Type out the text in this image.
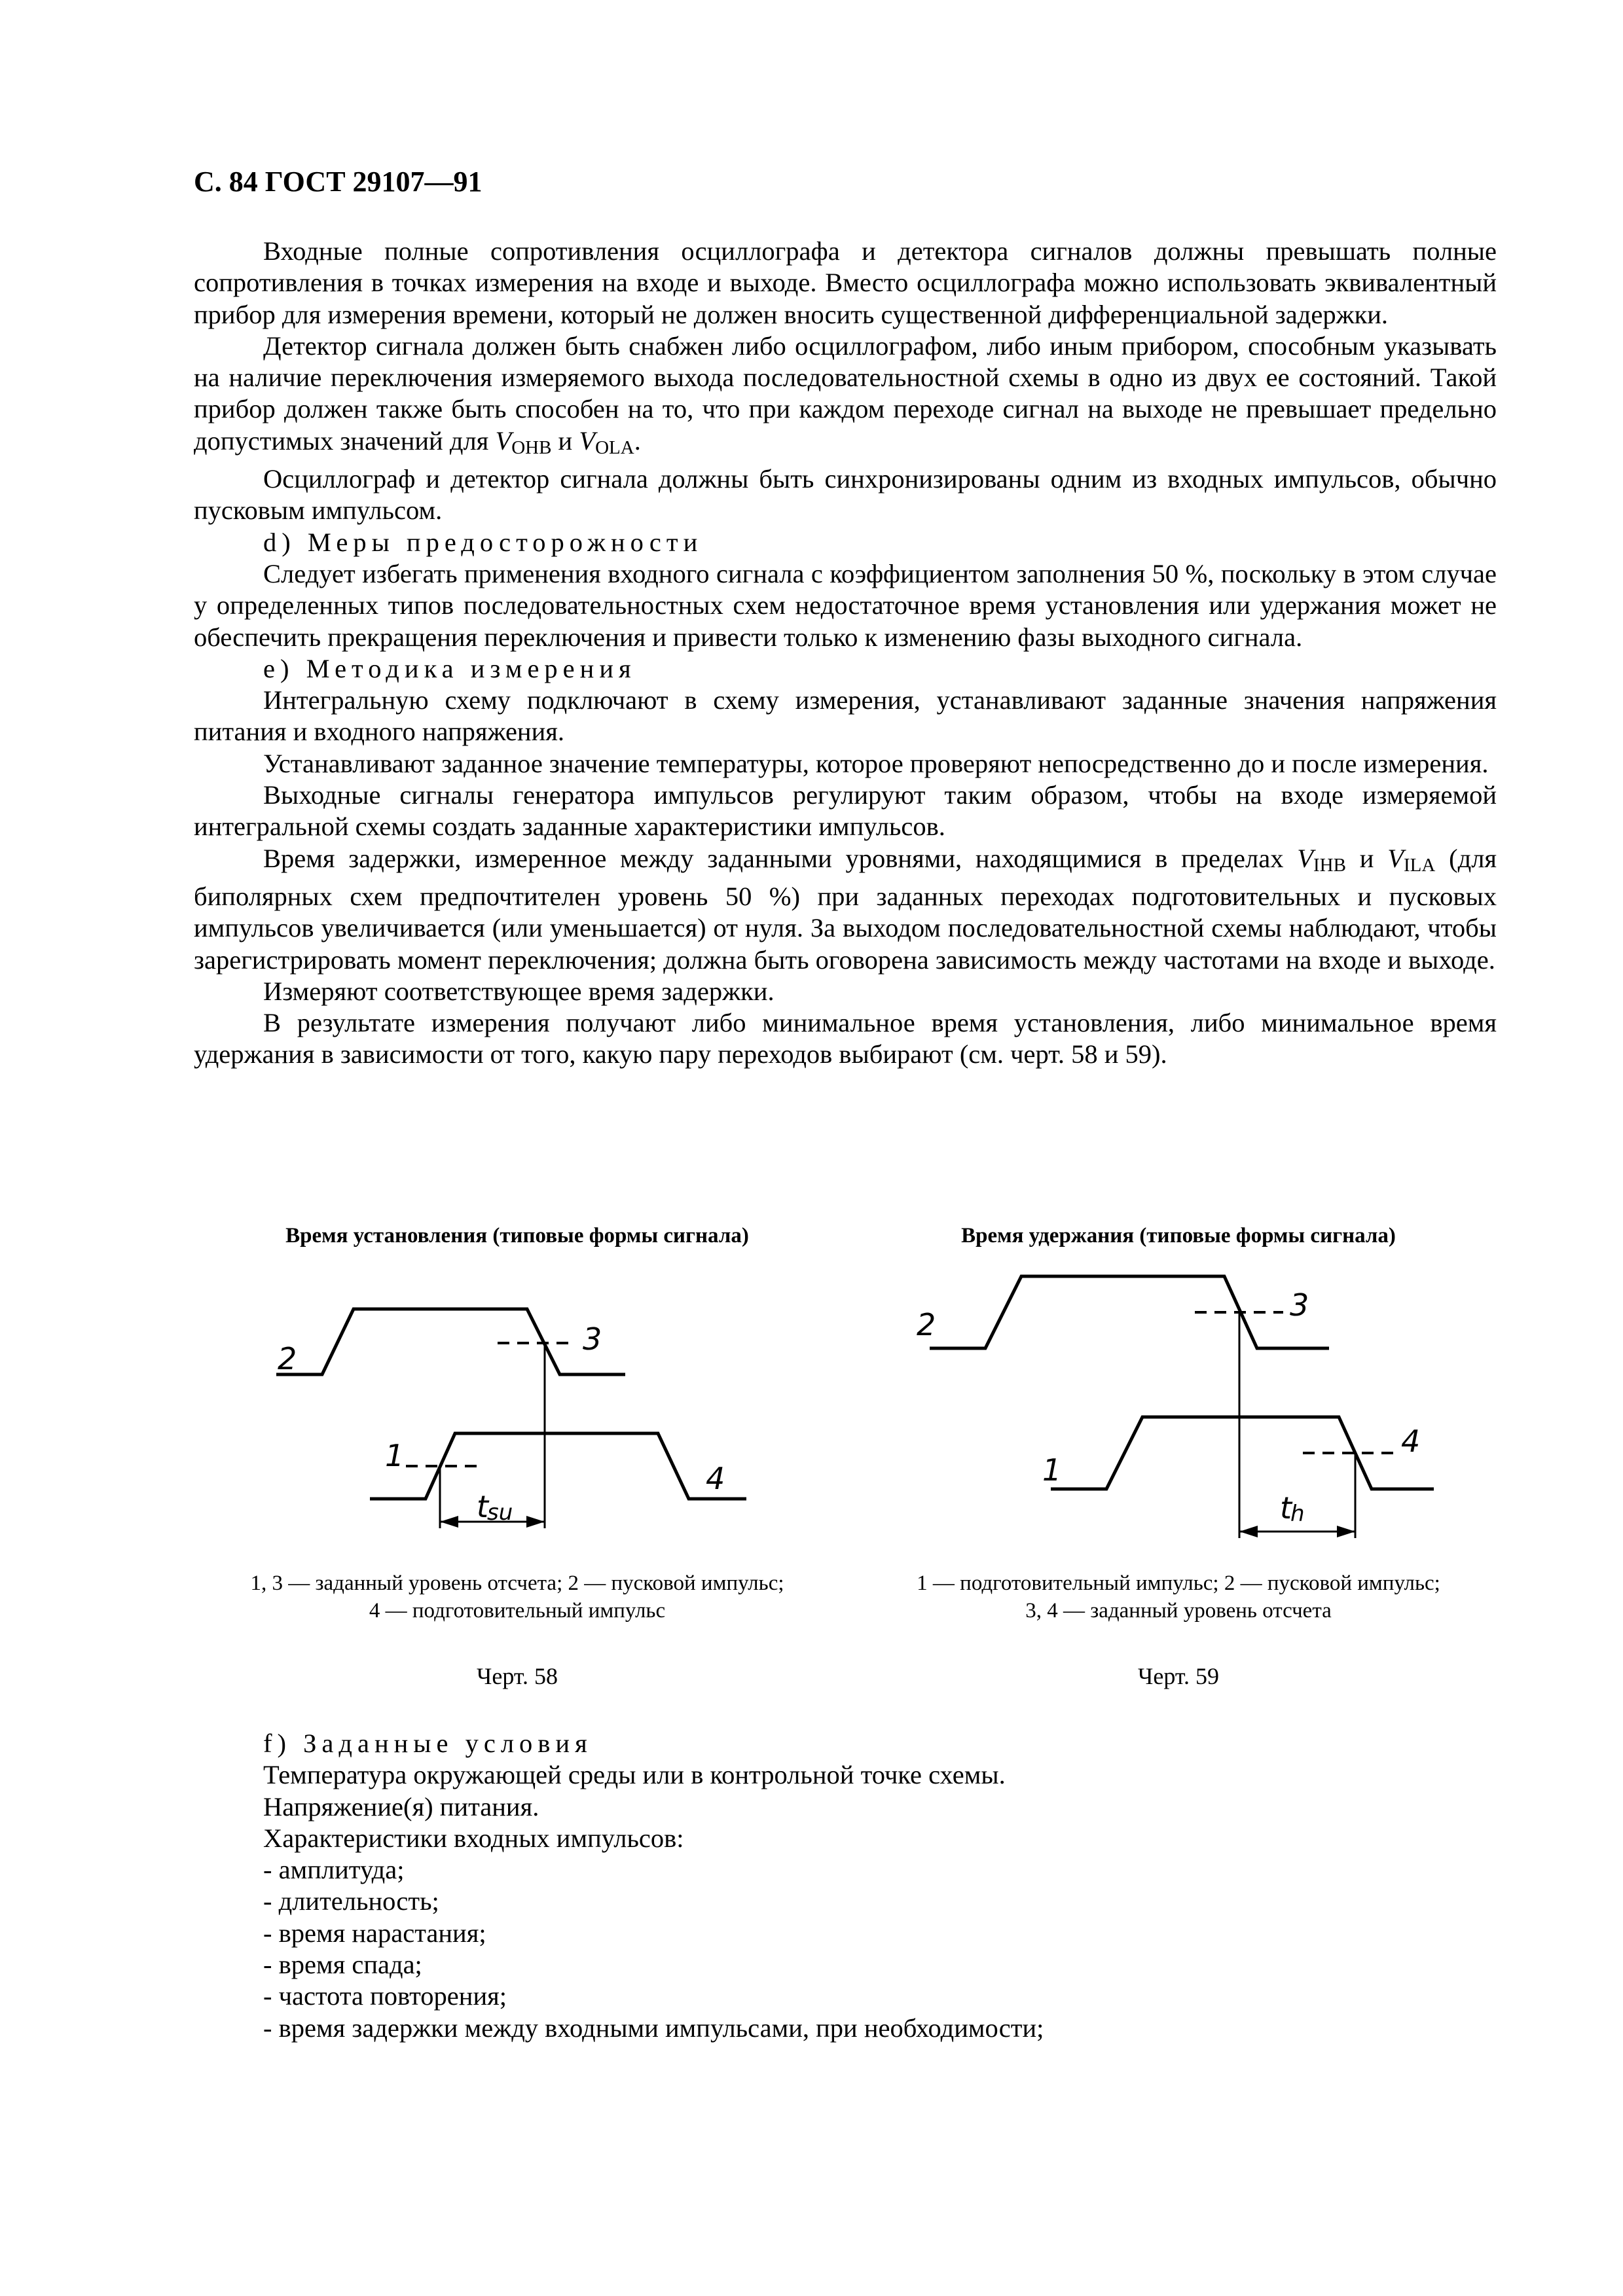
С. 84 ГОСТ 29107—91

Входные полные сопротивления осциллографа и детектора сигналов должны превышать полные сопротивления в точках измерения на входе и выходе. Вместо осциллографа можно использовать эквивалентный прибор для измерения времени, который не должен вносить существенной дифференциальной задержки.

Детектор сигнала должен быть снабжен либо осциллографом, либо иным прибором, способным указывать на наличие переключения измеряемого выхода последовательностной схемы в одно из двух ее состояний. Такой прибор должен также быть способен на то, что при каждом переходе сигнал на выходе не превышает предельно допустимых значений для $V_{OHB}$ и $V_{OLA}$.

Осциллограф и детектор сигнала должны быть синхронизированы одним из входных импульсов, обычно пусковым импульсом.

d) Меры предосторожности

Следует избегать применения входного сигнала с коэффициентом заполнения 50 %, поскольку в этом случае у определенных типов последовательностных схем недостаточное время установления или удержания может не обеспечить прекращения переключения и привести только к изменению фазы выходного сигнала.

e) Методика измерения

Интегральную схему подключают в схему измерения, устанавливают заданные значения напряжения питания и входного напряжения.

Устанавливают заданное значение температуры, которое проверяют непосредственно до и после измерения.

Выходные сигналы генератора импульсов регулируют таким образом, чтобы на входе измеряемой интегральной схемы создать заданные характеристики импульсов.

Время задержки, измеренное между заданными уровнями, находящимися в пределах $V_{IHB}$ и $V_{ILA}$ (для биполярных схем предпочтителен уровень 50 %) при заданных переходах подготовительных и пусковых импульсов увеличивается (или уменьшается) от нуля. За выходом последовательностной схемы наблюдают, чтобы зарегистрировать момент переключения; должна быть оговорена зависимость между частотами на входе и выходе.

Измеряют соответствующее время задержки.

В результате измерения получают либо минимальное время установления, либо минимальное время удержания в зависимости от того, какую пару переходов выбирают (см. черт. 58 и 59).

Время установления (типовые формы сигнала)
2
3
1
4
t
su
1, 3 — заданный уровень отсчета; 2 — пусковой импульс;
4 — подготовительный импульс
Черт. 58
Время удержания (типовые формы сигнала)
2
3
1
4
t
h
1 — подготовительный импульс; 2 — пусковой импульс;
3, 4 — заданный уровень отсчета
Черт. 59
f) Заданные условия
Температура окружающей среды или в контрольной точке схемы.
Напряжение(я) питания.
Характеристики входных импульсов:
- амплитуда;
- длительность;
- время нарастания;
- время спада;
- частота повторения;
- время задержки между входными импульсами, при необходимости;
